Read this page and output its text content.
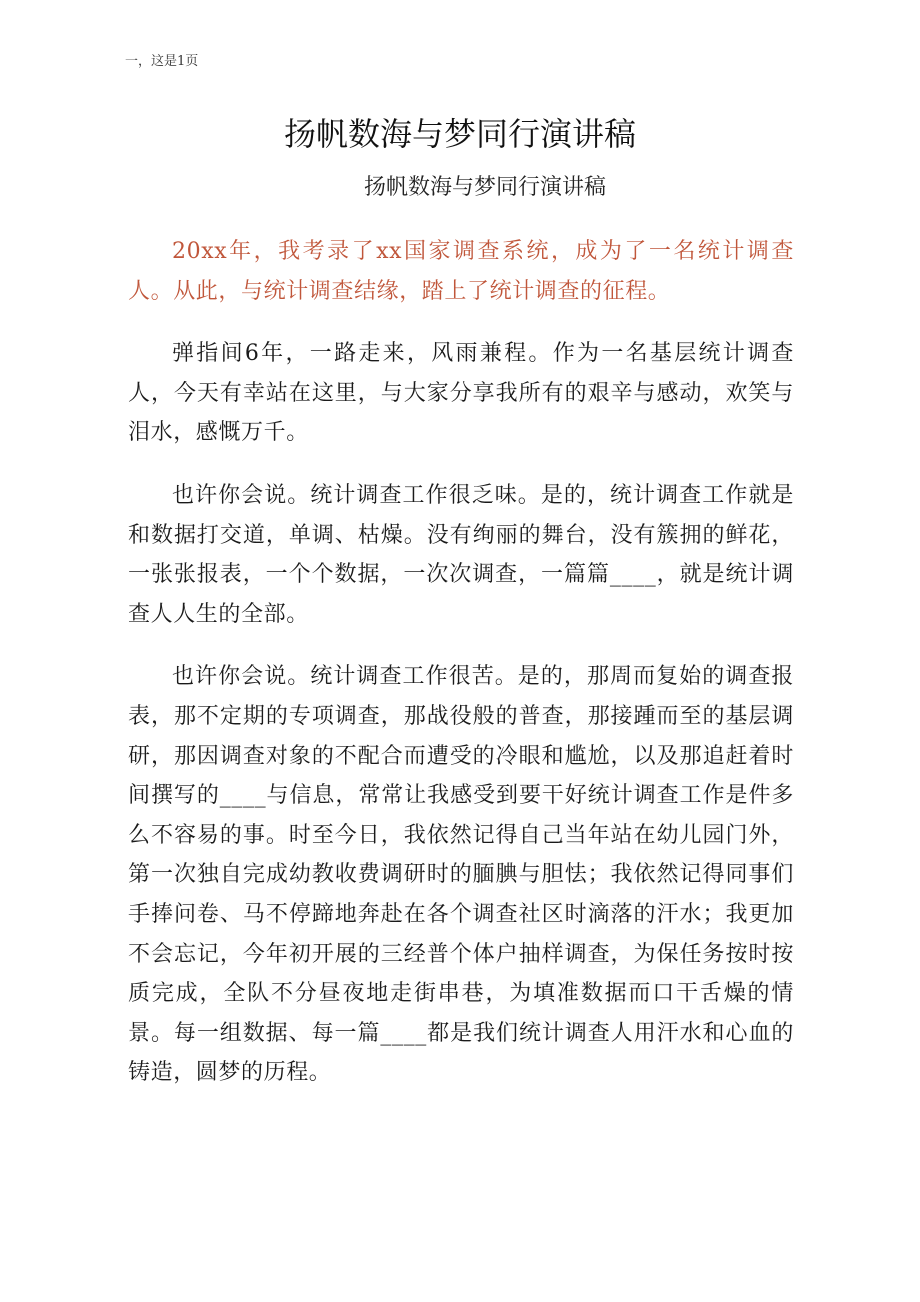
一，这是1页
扬帆数海与梦同行演讲稿
扬帆数海与梦同行演讲稿

20xx年，我考录了xx国家调查系统，成为了一名统计调查人。从此，与统计调查结缘，踏上了统计调查的征程。

弹指间6年，一路走来，风雨兼程。作为一名基层统计调查人，今天有幸站在这里，与大家分享我所有的艰辛与感动，欢笑与泪水，感慨万千。

也许你会说。统计调查工作很乏味。是的，统计调查工作就是和数据打交道，单调、枯燥。没有绚丽的舞台，没有簇拥的鲜花，一张张报表，一个个数据，一次次调查，一篇篇____，就是统计调查人人生的全部。

也许你会说。统计调查工作很苦。是的，那周而复始的调查报表，那不定期的专项调查，那战役般的普查，那接踵而至的基层调研，那因调查对象的不配合而遭受的冷眼和尴尬，以及那追赶着时间撰写的____与信息，常常让我感受到要干好统计调查工作是件多么不容易的事。时至今日，我依然记得自己当年站在幼儿园门外，第一次独自完成幼教收费调研时的腼腆与胆怯；我依然记得同事们手捧问卷、马不停蹄地奔赴在各个调查社区时滴落的汗水；我更加不会忘记，今年初开展的三经普个体户抽样调查，为保任务按时按质完成，全队不分昼夜地走街串巷，为填准数据而口干舌燥的情景。每一组数据、每一篇____都是我们统计调查人用汗水和心血的铸造，圆梦的历程。
